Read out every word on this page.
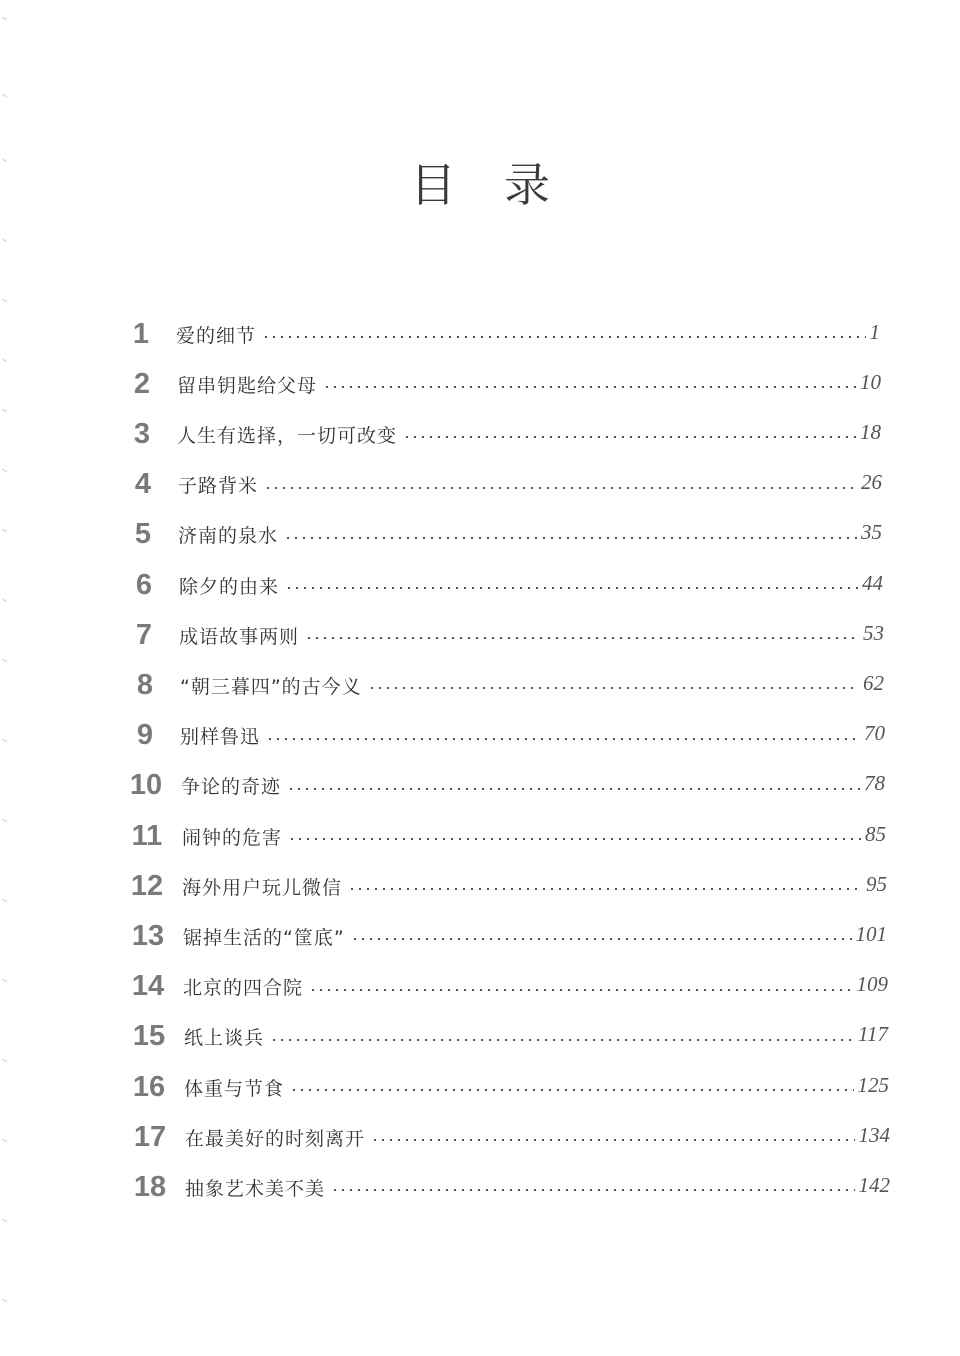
目录
1	爱的细节	1
2	留串钥匙给父母	10
3	人生有选择，一切可改变	18
4	子路背米	26
5	济南的泉水	35
6	除夕的由来	44
7	成语故事两则	53
8	“朝三暮四”的古今义	62
9	别样鲁迅	70
10 争论的奇迹	78
11	闹钟的危害	85
12 海外用户玩儿微信	95
13 锯掉生活的“筐底”	101
14 北京的四合院	109
15 纸上谈兵	117
16 体重与节食	125
17 在最美好的时刻离开	134
18 抽象艺术美不美	142
